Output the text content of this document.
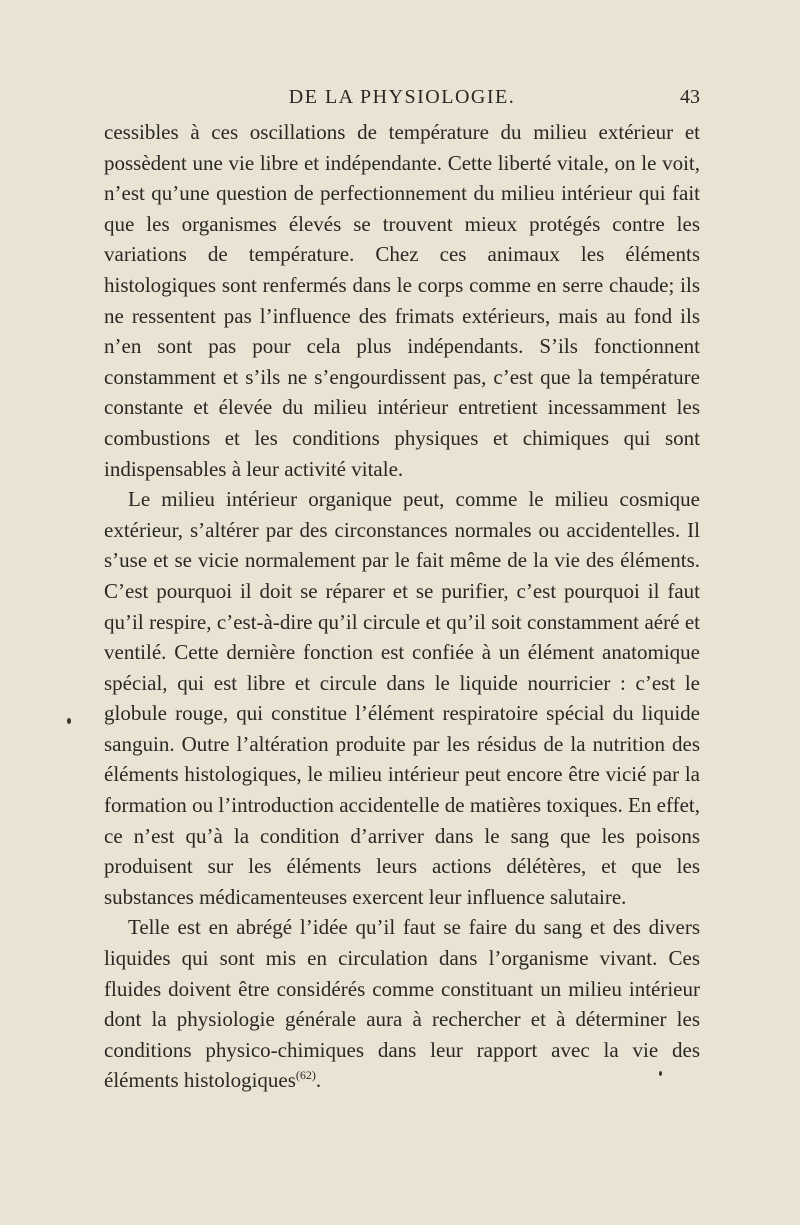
DE LA PHYSIOLOGIE.	43

cessibles à ces oscillations de température du milieu extérieur et possèdent une vie libre et indépendante. Cette liberté vitale, on le voit, n’est qu’une question de perfectionnement du milieu intérieur qui fait que les organismes élevés se trouvent mieux protégés contre les variations de température. Chez ces animaux les éléments histologiques sont renfermés dans le corps comme en serre chaude; ils ne ressentent pas l’influence des frimats extérieurs, mais au fond ils n’en sont pas pour cela plus indépendants. S’ils fonctionnent constamment et s’ils ne s’engourdissent pas, c’est que la température constante et élevée du milieu intérieur entretient incessamment les combustions et les conditions physiques et chimiques qui sont indispensables à leur activité vitale.

Le milieu intérieur organique peut, comme le milieu cosmique extérieur, s’altérer par des circonstances normales ou accidentelles. Il s’use et se vicie normalement par le fait même de la vie des éléments. C’est pourquoi il doit se réparer et se purifier, c’est pourquoi il faut qu’il respire, c’est-à-dire qu’il circule et qu’il soit constamment aéré et ventilé. Cette dernière fonction est confiée à un élément anatomique spécial, qui est libre et circule dans le liquide nourricier : c’est le globule rouge, qui constitue l’élément respiratoire spécial du liquide sanguin. Outre l’altération produite par les résidus de la nutrition des éléments histologiques, le milieu intérieur peut encore être vicié par la formation ou l’introduction accidentelle de matières toxiques. En effet, ce n’est qu’à la condition d’arriver dans le sang que les poisons produisent sur les éléments leurs actions délétères, et que les substances médicamenteuses exercent leur influence salutaire.

Telle est en abrégé l’idée qu’il faut se faire du sang et des divers liquides qui sont mis en circulation dans l’organisme vivant. Ces fluides doivent être considérés comme constituant un milieu intérieur dont la physiologie générale aura à rechercher et à déterminer les conditions physico-chimiques dans leur rapport avec la vie des éléments histologiques$^{(62)}$.
